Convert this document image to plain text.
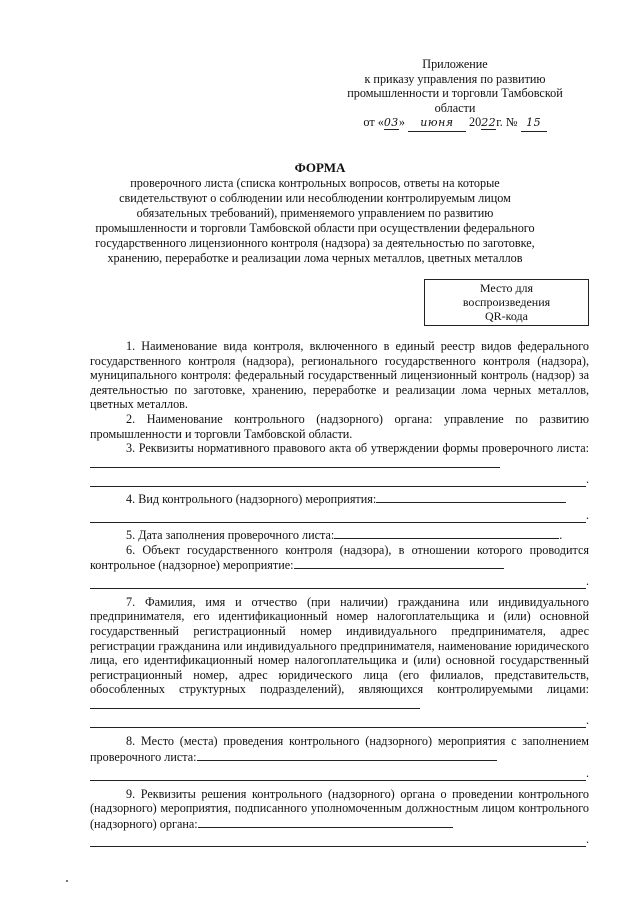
Приложение
к приказу управления по развитию
промышленности и торговли Тамбовской
области
от «03» июня 2022г. № 15
ФОРМА
проверочного листа (списка контрольных вопросов, ответы на которые свидетельствуют о соблюдении или несоблюдении контролируемым лицом обязательных требований), применяемого управлением по развитию промышленности и торговли Тамбовской области при осуществлении федерального государственного лицензионного контроля (надзора) за деятельностью по заготовке, хранению, переработке и реализации лома черных металлов, цветных металлов
Место для
воспроизведения
QR-кода

1. Наименование вида контроля, включенного в единый реестр видов федерального государственного контроля (надзора), регионального государственного контроля (надзора), муниципального контроля: федеральный государственный лицензионный контроль (надзор) за деятельностью по заготовке, хранению, переработке и реализации лома черных металлов, цветных металлов.

2. Наименование контрольного (надзорного) органа: управление по развитию промышленности и торговли Тамбовской области.

3. Реквизиты нормативного правового акта об утверждении формы проверочного листа:

.

4. Вид контрольного (надзорного) мероприятия:

.

5. Дата заполнения проверочного листа:	.

6. Объект государственного контроля (надзора), в отношении которого проводится контрольное (надзорное) мероприятие:

.

7. Фамилия, имя и отчество (при наличии) гражданина или индивидуального предпринимателя, его идентификационный номер налогоплательщика и (или) основной государственный регистрационный номер индивидуального предпринимателя, адрес регистрации гражданина или индивидуального предпринимателя, наименование юридического лица, его идентификационный номер налогоплательщика и (или) основной государственный регистрационный номер, адрес юридического лица (его филиалов, представительств, обособленных структурных подразделений), являющихся контролируемыми лицами:

.

8. Место (места) проведения контрольного (надзорного) мероприятия с заполнением проверочного листа:

.

9. Реквизиты решения контрольного (надзорного) органа о проведении контрольного (надзорного) мероприятия, подписанного уполномоченным должностным лицом контрольного (надзорного) органа:

.
